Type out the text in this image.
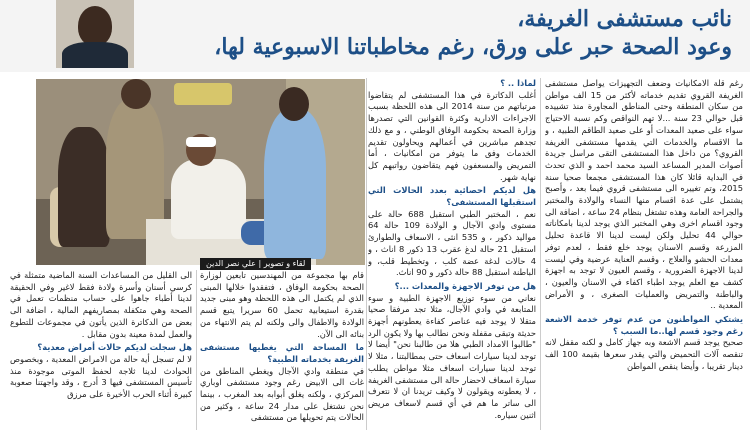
نائب مستشفى الغريفة،
وعود الصحة حبر على ورق، رغم مخاطباتنا الاسبوعية لها،

رغم قلة الامكانيات وضعف التجهيزات يواصل مستشفى الغريفة القروي تقديم خدماته لأكثر من 15 الف مواطن من سكان المنطقة وحتى المناطق المجاورة منذ تشييده قبل حوالي 23 سنة ...لا تهم النواقص وكم نسبة الاحتياج سواء على صعيد المعدات أو على صعيد الطاقم الطبية ، و ما الاقسام والخدمات التي يقدمها مستشفى الغريفة القروي؟ من داخل هذا المستشفى التقى مراسل جريدة أصوات المدير المساعد السيد محمد احمد و الذي تحدث في البداية قائلا كان هذا المستشفى مجمعا صحيا سنة 2015، وتم تغييره الى مستشفى قروي فيما بعد ، وأصبح يشتمل على عدة اقسام منها النساء والولادة والمختبر والجراحة العامة وهذه تشتغل بنظام 24 ساعة ، اضافة الى وجود اقسام اخرى وهي المختبر الذي يوجد لدينا بامكاناته حوالي 44 تحليل ولكن ليست لدينا الا قاعدة تحليل المزرعة وقسم الاسنان يوجد خلع فقط ، لعدم توفر معدات الحشو والعلاج ، وقسم العناية عرضية وفي ليست لدينا الاجهزة الضرورية ، وقسم العيون لا توجد به اجهزة كشف مع العلم يوجد اطباء اكفاء في الاسنان والعيون ، والباطنة والتمريض والعمليات الصغرى ، و الأمراض المعدية ..

يشتكي المواطنون من عدم توفر خدمة الاشعة رغم وجود قسم لها..ما السبب ؟

صحيح يوجد قسم الاشعة وبه جهاز كامل و لكنه مقفل لانه تنقصه آلات التحميض والتي يقدر سعرها بقيمة 100 الف دينار تقريبا ، وأيضا ينقص المواطن

لماذا .. ؟

أغلب الدكاترة في هذا المستشفى لم يتقاضوا مرتباتهم من سنة 2014 الى هذه اللحظة بسبب الاجراءات الادارية وكثرة القوانين التي تصدرها وزارة الصحة بحكومة الوفاق الوطني ، و مع ذلك تجدهم مباشرين في أعمالهم ويحاولون تقديم الخدمات وفق ما يتوفر من امكانيات ، أما التمريض والمسعفون فهم يتقاضون رواتبهم كل نهاية شهر.

هل لديكم احصائية بعدد الحالات التي استقبلها المستشفى؟

نعم ، المختبر الطبي استقبل 688 حالة على مستوى وادي الآجال و الولادة 109 حالة 64 مواليد ذكور ، و 535 انثى ، الاسعاف والطوارئ استقبل 21 حالة لدغ عقرب 13 ذكور 8 اناث ، و 4 حالات لدغة عضة كلب ، وتخطيط قلب، و الباطنة استقبل 88 حالة ذكور و 90 اناث.

هل من توفر الاجهزة والمعدات ...؟

نعاني من سوء توزيع الاجهزة الطبية و سوء المتابعة في وادي الآجال، مثلا تجد مرفقا صحيا متقلا لا يوجد فيه عناصر كفاءة يعطونهم أجهزة حديثة وتبقى مقفلة ونحن نطالب بها ولا يكون الرد "طالبوا الامداد الطبي هلا من طالبنا نحن" أيضا لا توجد لدينا سيارات اسعاف حتى بمطالبتنا ، مثلا لا توجد لدينا سيارات اسعاف مثلا مواطن يطلب سيارة اسعاف لاحضار حالة الى مستشفى الغريفة ، لا يعطونه ويقولون لا وكيف تريدنا ان لا نتعرف الى ساتر ما هم في أي قسم لاسعاف مريض اثنين سياره.

لقاء و تصوير | علي نصر الدين

قام بها مجموعة من المهندسين تابعين لوزارة الصحة بحكومة الوفاق ، فتفقدوا خلالها المبنى الذي لم يكتمل الى هذه اللحظة وهو مبنى جديد بقدرة استيعابية تحمل 60 سريرا يتبع قسم الولادة والاطفال والى ولكنه لم يتم الانتهاء من بنائه الى الآن.

ما المساحة التي يغطيها مستشفى الغريفة بخدماته الطبية؟

في منطقة وادي الآجال ويغطي المناطق من غات الى الابيض رغم وجود مستشفى اوباري المركزي ، ولكنه يغلق أبوابه بعد المغرب ، بينما نحن نشتغل على مدار 24 ساعة ، وكثير من الحالات يتم تحويلها من مستشفى

الى القليل من المساعدات السنة الماضية متمثلة في كرسي أسنان وأسرة ولادة فقط لاغير وفي الحقيقة لدينا أطباء جاهوا على حساب منظمات تعمل في الصحة وهي متكفلة بمصاريفهم المالية ، اضافة الى بعض من الدكاترة الذين يأتون في مجموعات للتطوع والعمل لمدة معينة بدون مقابل .

هل سجلت لديكم حالات أمراض معدية؟

لا لم تسجل أية حالة من الامراض المعدية ، وبخصوص الحوادث لدينا ثلاجة لحفظ الموتى موجودة منذ تأسيس المستشفى فيها 3 أدرج ، وقد واجهتنا صعوبة كبيرة أثناء الحرب الأخيرة على مرزق
